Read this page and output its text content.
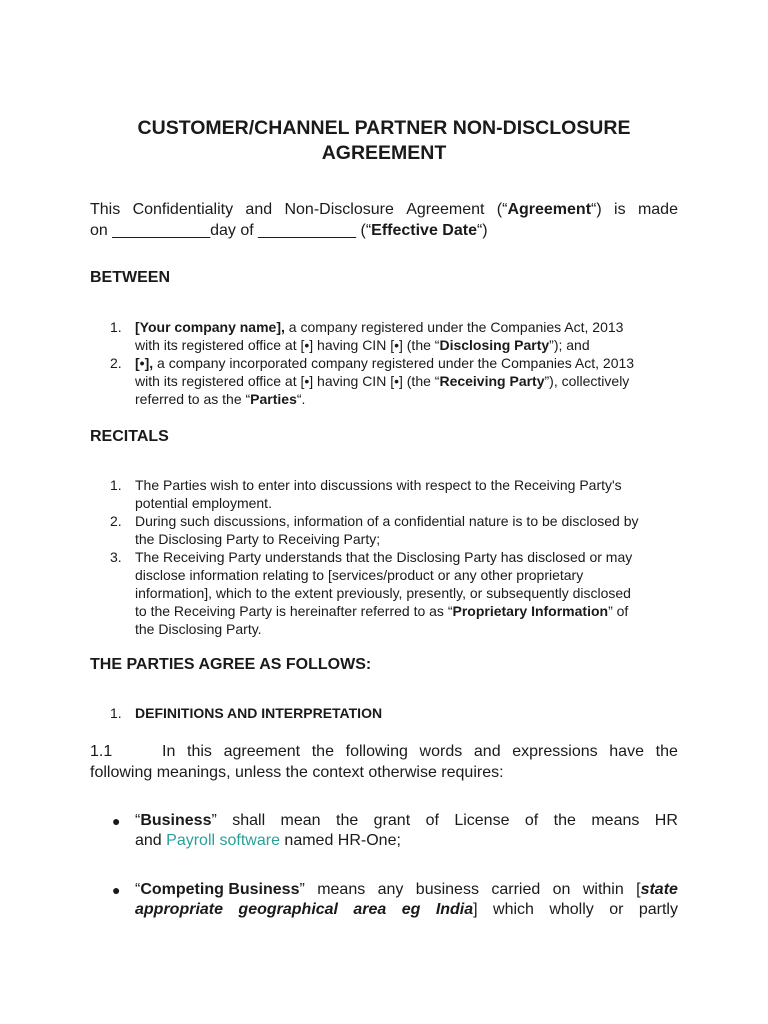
CUSTOMER/CHANNEL PARTNER NON-DISCLOSURE
AGREEMENT
This Confidentiality and Non-Disclosure Agreement (“Agreement“) is made
on ___________day of ___________ (“ Effective Date “)
BETWEEN
1. [Your company name], a company registered under the Companies Act, 2013
with its registered office at [•] having CIN [•] (the “Disclosing Party”); and
2. [•], a company incorporated company registered under the Companies Act, 2013
with its registered office at [•] having CIN [•] (the “Receiving Party”), collectively
referred to as the “Parties“.
RECITALS
1. The Parties wish to enter into discussions with respect to the Receiving Party's
potential employment.
2. During such discussions, information of a confidential nature is to be disclosed by
the Disclosing Party to Receiving Party;
3. The Receiving Party understands that the Disclosing Party has disclosed or may
disclose information relating to [services/product or any other proprietary
information], which to the extent previously, presently, or subsequently disclosed
to the Receiving Party is hereinafter referred to as “Proprietary Information” of
the Disclosing Party.
THE PARTIES AGREE AS FOLLOWS:
1. DEFINITIONS AND INTERPRETATION
1.1	In this agreement the following words and expressions have the
following meanings, unless the context otherwise requires:
● “Business” shall mean the grant of License of the means HR
and Payroll software named HR-One;
● “Competing Business” means any business carried on within [state
appropriate geographical area eg India] which wholly or partly
